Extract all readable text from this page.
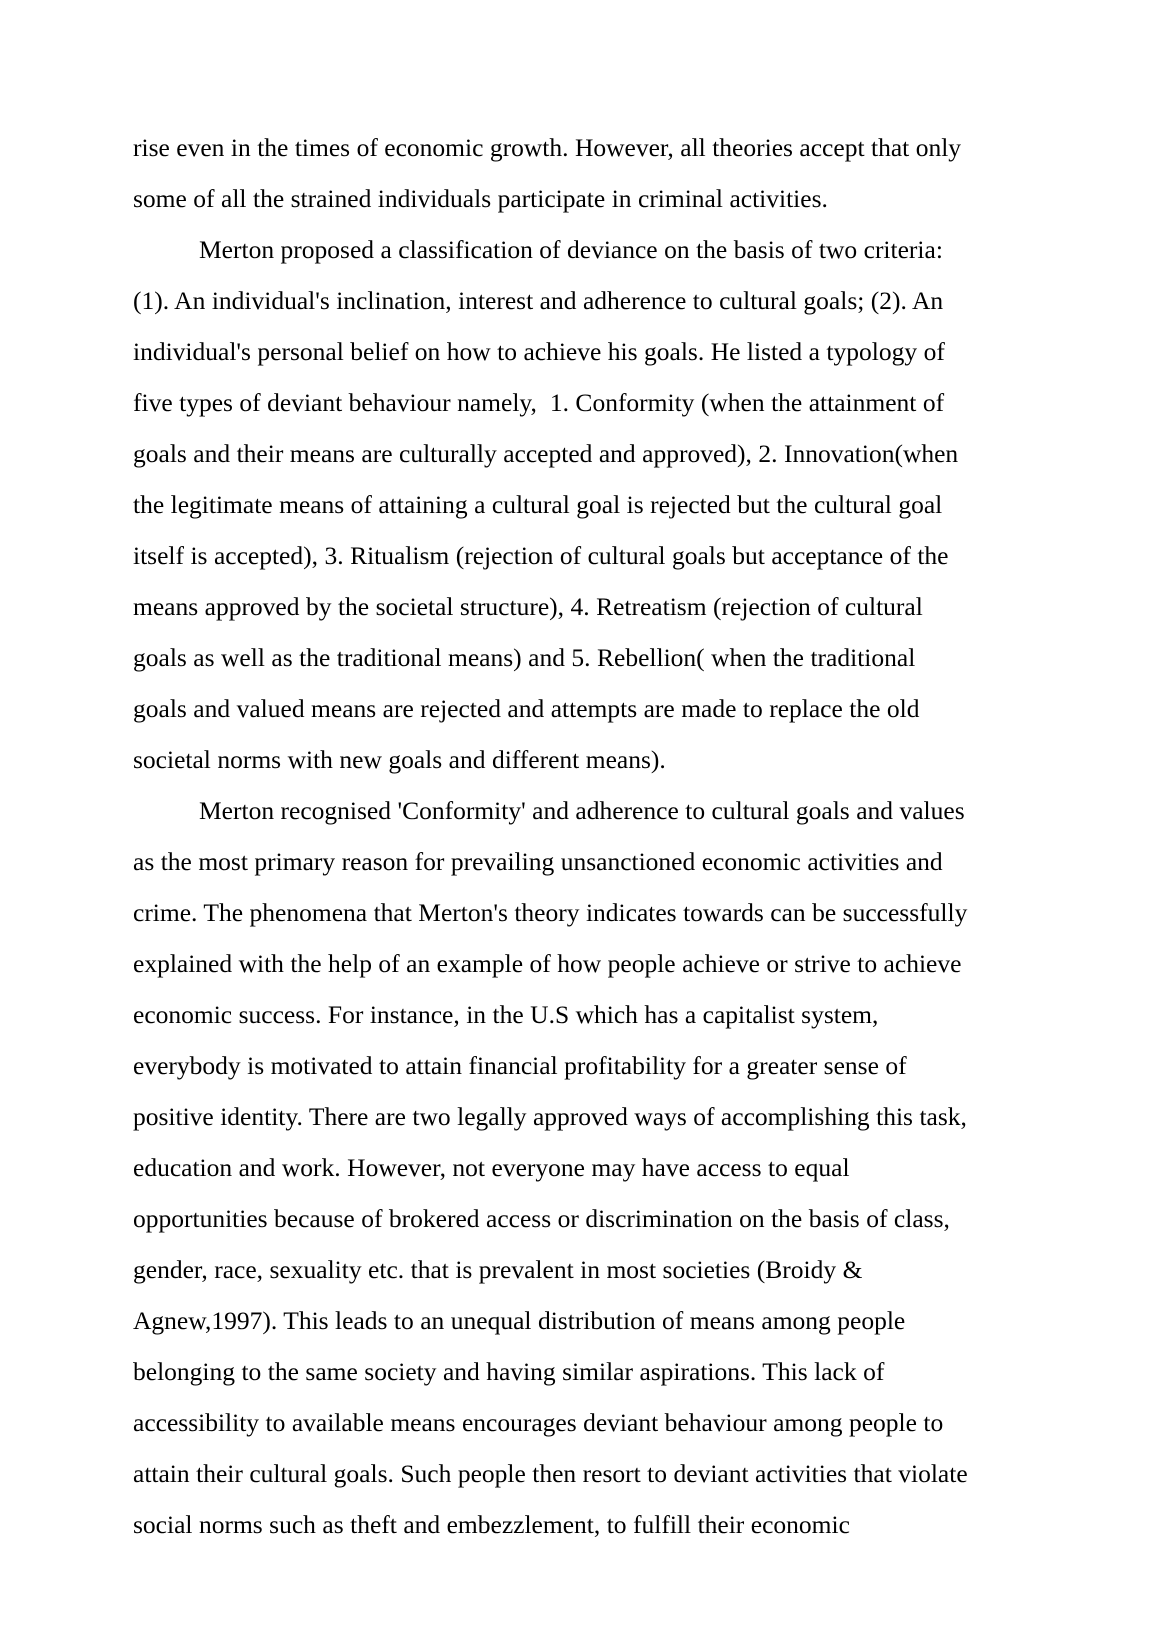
rise even in the times of economic growth. However, all theories accept that only some of all the strained individuals participate in criminal activities.

Merton proposed a classification of deviance on the basis of two criteria: (1). An individual's inclination, interest and adherence to cultural goals; (2). An individual's personal belief on how to achieve his goals. He listed a typology of five types of deviant behaviour namely,  1. Conformity (when the attainment of goals and their means are culturally accepted and approved), 2. Innovation(when the legitimate means of attaining a cultural goal is rejected but the cultural goal itself is accepted), 3. Ritualism (rejection of cultural goals but acceptance of the means approved by the societal structure), 4. Retreatism (rejection of cultural goals as well as the traditional means) and 5. Rebellion( when the traditional goals and valued means are rejected and attempts are made to replace the old societal norms with new goals and different means).

Merton recognised 'Conformity' and adherence to cultural goals and values as the most primary reason for prevailing unsanctioned economic activities and crime. The phenomena that Merton's theory indicates towards can be successfully explained with the help of an example of how people achieve or strive to achieve economic success. For instance, in the U.S which has a capitalist system, everybody is motivated to attain financial profitability for a greater sense of positive identity. There are two legally approved ways of accomplishing this task, education and work. However, not everyone may have access to equal opportunities because of brokered access or discrimination on the basis of class, gender, race, sexuality etc. that is prevalent in most societies (Broidy & Agnew,1997). This leads to an unequal distribution of means among people belonging to the same society and having similar aspirations. This lack of accessibility to available means encourages deviant behaviour among people to attain their cultural goals. Such people then resort to deviant activities that violate social norms such as theft and embezzlement, to fulfill their economic
